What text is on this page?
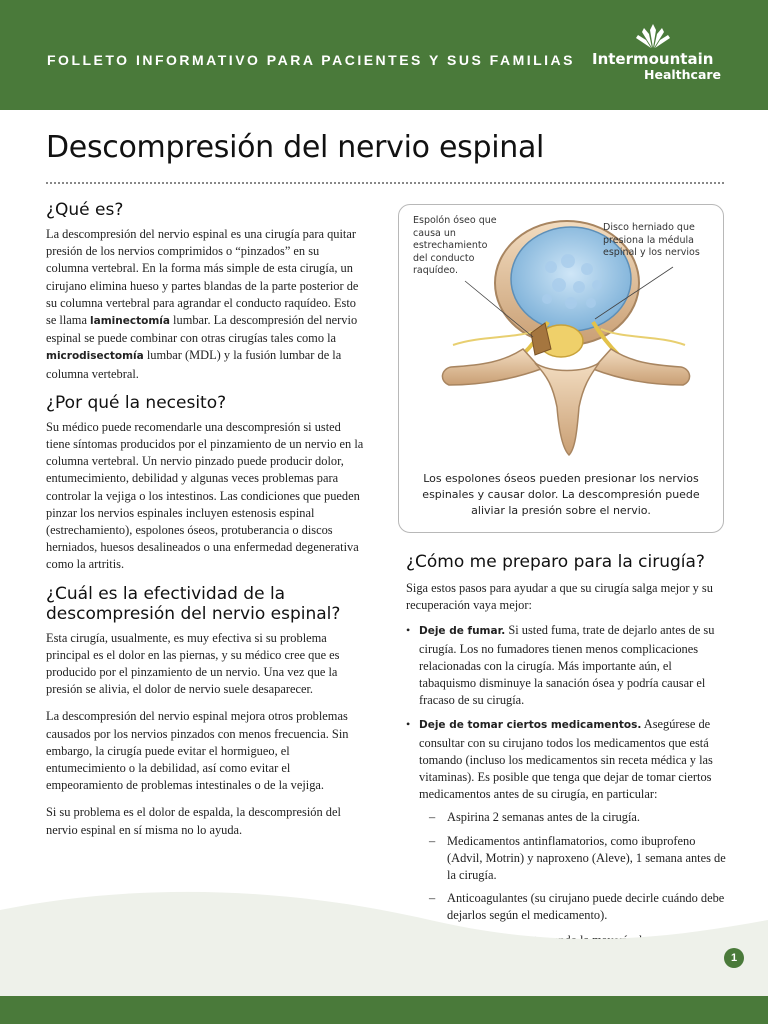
FOLLETO INFORMATIVO PARA PACIENTES Y SUS FAMILIAS Intermountain
Healthcare
Descompresión del nervio espinal
¿Qué es?

La descompresión del nervio espinal es una cirugía para quitar presión de los nervios comprimidos o “pinzados” en su columna vertebral. En la forma más simple de esta cirugía, un cirujano elimina hueso y partes blandas de la parte posterior de su columna vertebral para agrandar el conducto raquídeo. Esto se llama laminectomía lumbar. La descompresión del nervio espinal se puede combinar con otras cirugías tales como la microdisectomía lumbar (MDL) y la fusión lumbar de la columna vertebral.

¿Por qué la necesito?

Su médico puede recomendarle una descompresión si usted tiene síntomas producidos por el pinzamiento de un nervio en la columna vertebral. Un nervio pinzado puede producir dolor, entumecimiento, debilidad y algunas veces problemas para controlar la vejiga o los intestinos. Las condiciones que pueden pinzar los nervios espinales incluyen estenosis espinal (estrechamiento), espolones óseos, protuberancia o discos herniados, huesos desalineados o una enfermedad degenerativa como la artritis.

¿Cuál es la efectividad de la descompresión del nervio espinal?

Esta cirugía, usualmente, es muy efectiva si su problema principal es el dolor en las piernas, y su médico cree que es producido por el pinzamiento de un nervio. Una vez que la presión se alivia, el dolor de nervio suele desaparecer.

La descompresión del nervio espinal mejora otros problemas causados por los nervios pinzados con menos frecuencia. Sin embargo, la cirugía puede evitar el hormigueo, el entumecimiento o la debilidad, así como evitar el empeoramiento de problemas intestinales o de la vejiga.

Si su problema es el dolor de espalda, la descompresión del nervio espinal en sí misma no lo ayuda.

Espolón óseo que causa un estrechamiento del conducto raquídeo.
Disco herniado que presiona la médula espinal y los nervios
Los espolones óseos pueden presionar los nervios espinales y causar dolor. La descompresión puede aliviar la presión sobre el nervio.
¿Cómo me preparo para la cirugía?

Siga estos pasos para ayudar a que su cirugía salga mejor y su recuperación vaya mejor:

• Deje de fumar. Si usted fuma, trate de dejarlo antes de su cirugía. Los no fumadores tienen menos complicaciones relacionadas con la cirugía. Más importante aún, el tabaquismo disminuye la sanación ósea y podría causar el fracaso de su cirugía.
• Deje de tomar ciertos medicamentos. Asegúrese de consultar con su cirujano todos los medicamentos que está tomando (incluso los medicamentos sin receta médica y las vitaminas). Es posible que tenga que dejar de tomar ciertos medicamentos antes de su cirugía, en particular:
– Aspirina 2 semanas antes de la cirugía.
– Medicamentos antinflamatorios, como ibuprofeno (Advil, Motrin) y naproxeno (Aleve), 1 semana antes de la cirugía.
– Anticoagulantes (su cirujano puede decirle cuándo debe dejarlos según el medicamento).

1
